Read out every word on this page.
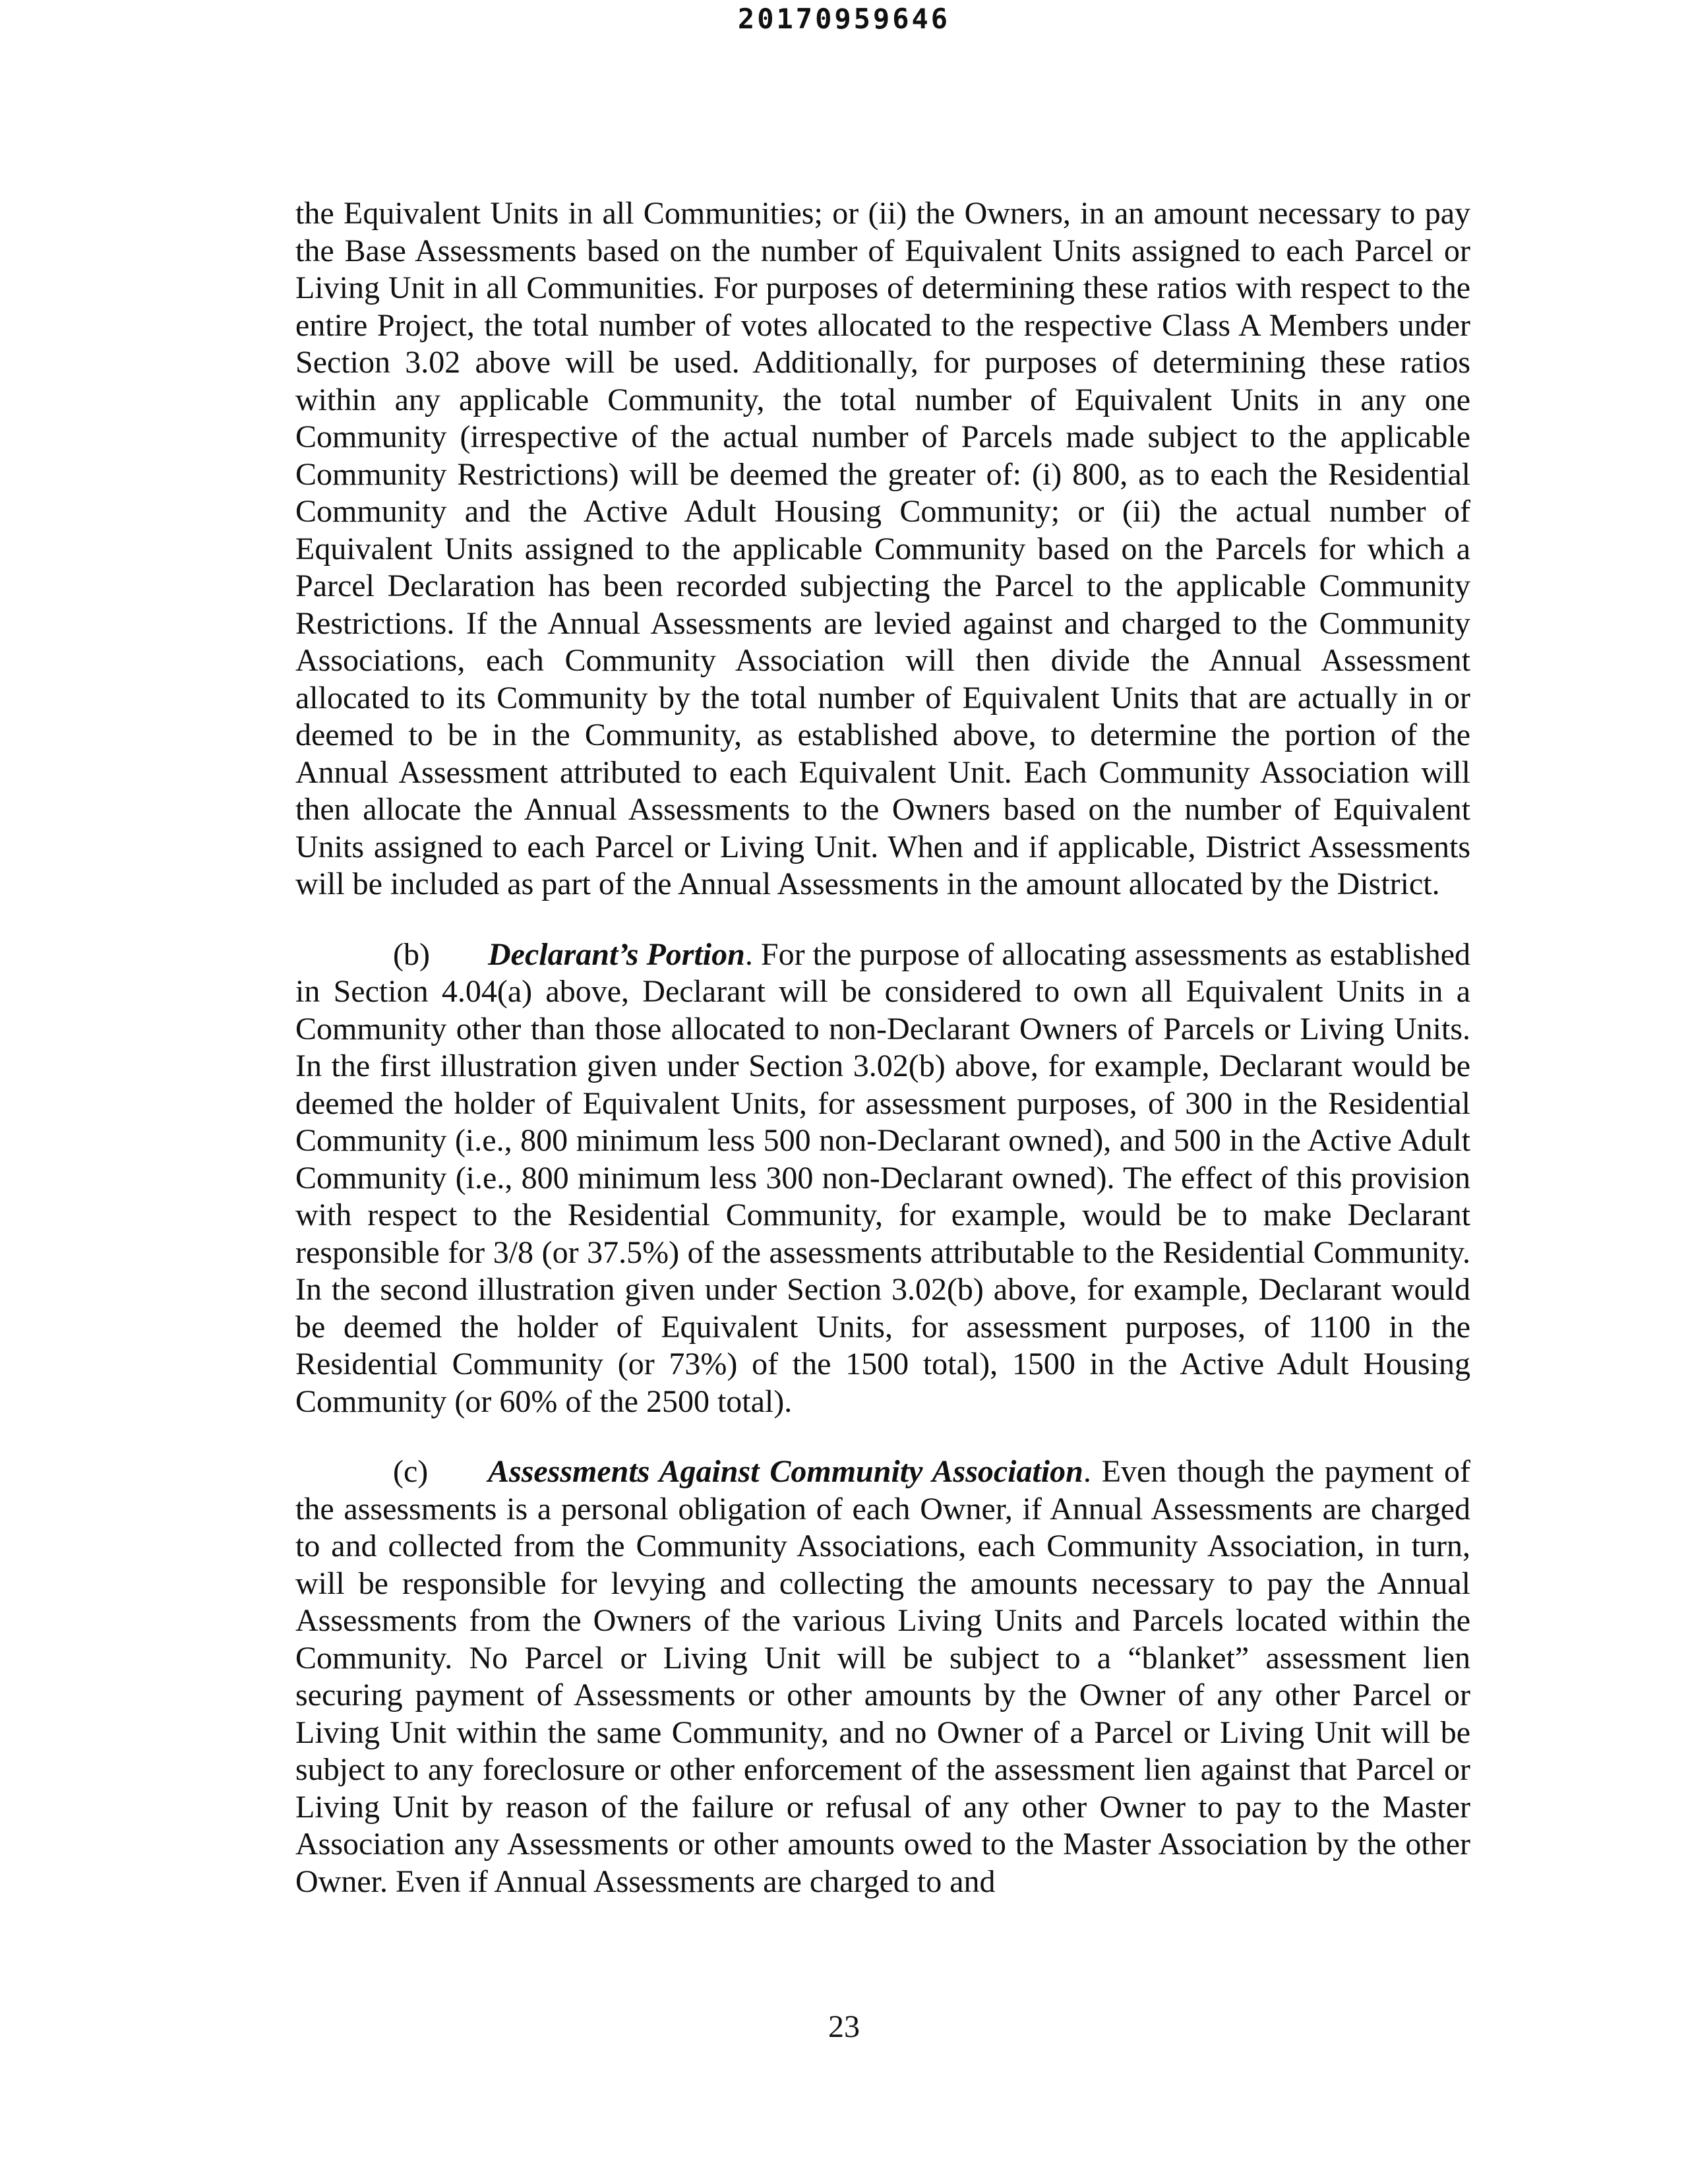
20170959646

the Equivalent Units in all Communities; or (ii) the Owners, in an amount necessary to pay the Base Assessments based on the number of Equivalent Units assigned to each Parcel or Living Unit in all Communities. For purposes of determining these ratios with respect to the entire Project, the total number of votes allocated to the respective Class A Members under Section 3.02 above will be used. Additionally, for purposes of determining these ratios within any applicable Community, the total number of Equivalent Units in any one Community (irrespective of the actual number of Parcels made subject to the applicable Community Restrictions) will be deemed the greater of: (i) 800, as to each the Residential Community and the Active Adult Housing Community; or (ii) the actual number of Equivalent Units assigned to the applicable Community based on the Parcels for which a Parcel Declaration has been recorded subjecting the Parcel to the applicable Community Restrictions. If the Annual Assessments are levied against and charged to the Community Associations, each Community Association will then divide the Annual Assessment allocated to its Community by the total number of Equivalent Units that are actually in or deemed to be in the Community, as established above, to determine the portion of the Annual Assessment attributed to each Equivalent Unit. Each Community Association will then allocate the Annual Assessments to the Owners based on the number of Equivalent Units assigned to each Parcel or Living Unit. When and if applicable, District Assessments will be included as part of the Annual Assessments in the amount allocated by the District.

(b) Declarant’s Portion. For the purpose of allocating assessments as established in Section 4.04(a) above, Declarant will be considered to own all Equivalent Units in a Community other than those allocated to non-Declarant Owners of Parcels or Living Units. In the first illustration given under Section 3.02(b) above, for example, Declarant would be deemed the holder of Equivalent Units, for assessment purposes, of 300 in the Residential Community (i.e., 800 minimum less 500 non-Declarant owned), and 500 in the Active Adult Community (i.e., 800 minimum less 300 non-Declarant owned). The effect of this provision with respect to the Residential Community, for example, would be to make Declarant responsible for 3/8 (or 37.5%) of the assessments attributable to the Residential Community. In the second illustration given under Section 3.02(b) above, for example, Declarant would be deemed the holder of Equivalent Units, for assessment purposes, of 1100 in the Residential Community (or 73%) of the 1500 total), 1500 in the Active Adult Housing Community (or 60% of the 2500 total).

(c) Assessments Against Community Association. Even though the payment of the assessments is a personal obligation of each Owner, if Annual Assessments are charged to and collected from the Community Associations, each Community Association, in turn, will be responsible for levying and collecting the amounts necessary to pay the Annual Assessments from the Owners of the various Living Units and Parcels located within the Community. No Parcel or Living Unit will be subject to a “blanket” assessment lien securing payment of Assessments or other amounts by the Owner of any other Parcel or Living Unit within the same Community, and no Owner of a Parcel or Living Unit will be subject to any foreclosure or other enforcement of the assessment lien against that Parcel or Living Unit by reason of the failure or refusal of any other Owner to pay to the Master Association any Assessments or other amounts owed to the Master Association by the other Owner. Even if Annual Assessments are charged to and

23
